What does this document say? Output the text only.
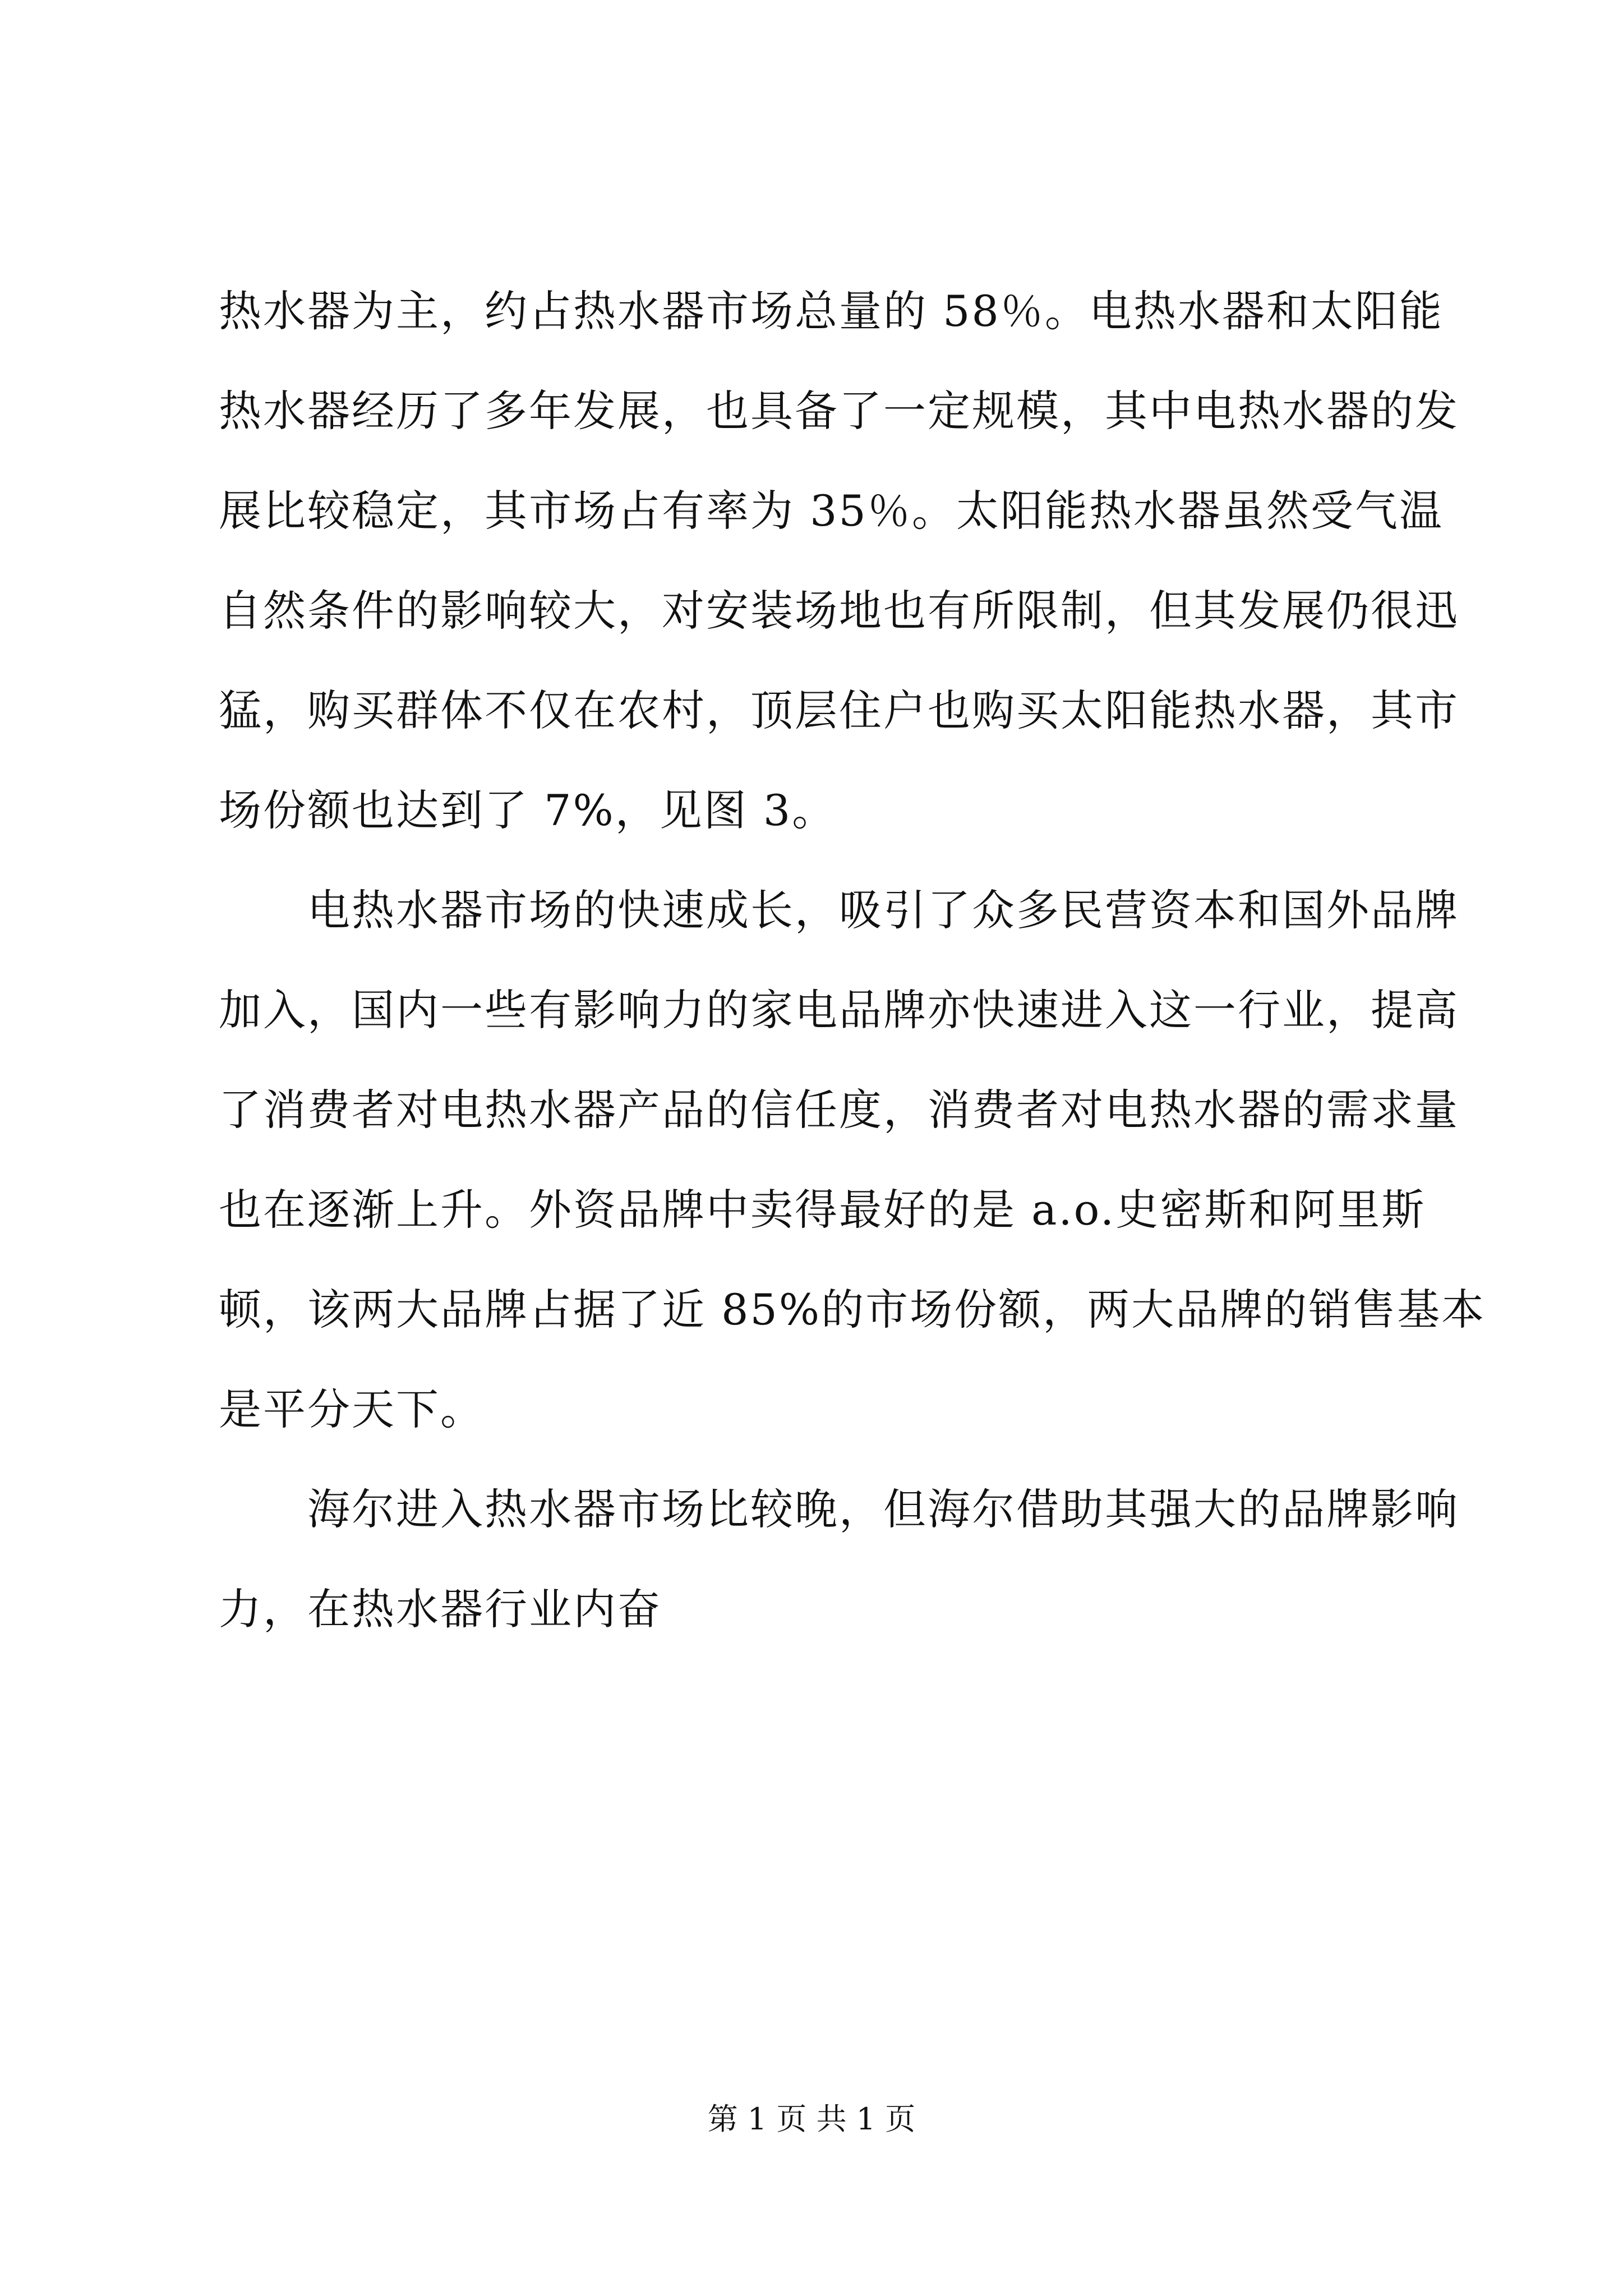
热水器为主，约占热水器市场总量的 58％。电热水器和太阳能
热水器经历了多年发展，也具备了一定规模，其中电热水器的发
展比较稳定，其市场占有率为 35％。太阳能热水器虽然受气温
自然条件的影响较大，对安装场地也有所限制，但其发展仍很迅
猛，购买群体不仅在农村，顶层住户也购买太阳能热水器，其市
场份额也达到了 7%，见图 3。
　　电热水器市场的快速成长，吸引了众多民营资本和国外品牌
加入，国内一些有影响力的家电品牌亦快速进入这一行业，提高
了消费者对电热水器产品的信任度，消费者对电热水器的需求量
也在逐渐上升。外资品牌中卖得最好的是 a.o.史密斯和阿里斯
顿，该两大品牌占据了近 85%的市场份额，两大品牌的销售基本
是平分天下。
　　海尔进入热水器市场比较晚，但海尔借助其强大的品牌影响
力，在热水器行业内奋
第 1 页 共 1 页
